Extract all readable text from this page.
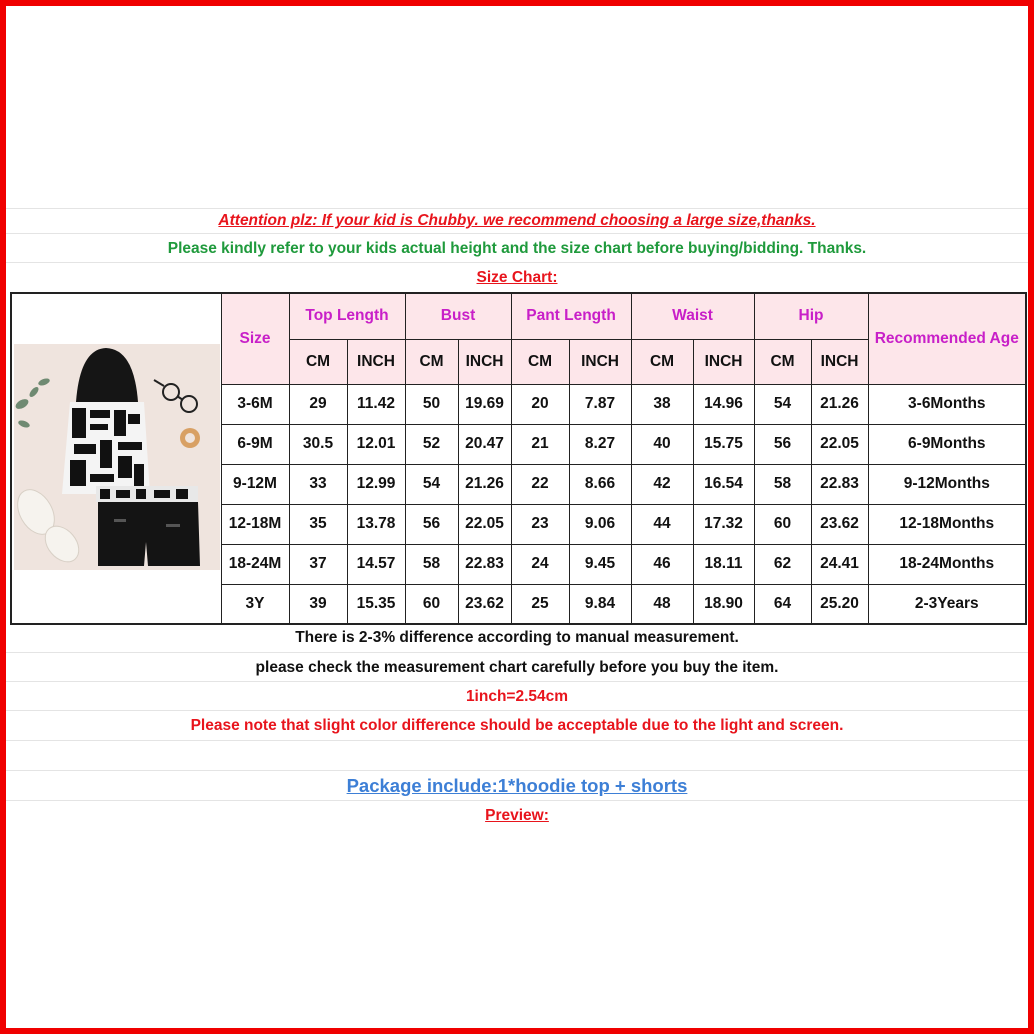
Attention plz: If your kid is Chubby. we recommend choosing a large size,thanks.
Please kindly refer to your kids actual height and the size chart before buying/bidding. Thanks.
Size Chart:
	Size	Top Length		Bust		Pant Length		Waist		Hip		Recommended Age
		CM	INCH	CM	INCH	CM	INCH	CM	INCH	CM	INCH	
	3-6M	29	11.42	50	19.69	20	7.87	38	14.96	54	21.26	3-6Months
	6-9M	30.5	12.01	52	20.47	21	8.27	40	15.75	56	22.05	6-9Months
	9-12M	33	12.99	54	21.26	22	8.66	42	16.54	58	22.83	9-12Months
	12-18M	35	13.78	56	22.05	23	9.06	44	17.32	60	23.62	12-18Months
	18-24M	37	14.57	58	22.83	24	9.45	46	18.11	62	24.41	18-24Months
	3Y	39	15.35	60	23.62	25	9.84	48	18.90	64	25.20	2-3Years
There is 2-3% difference according to manual measurement.
please check the measurement chart carefully before you buy the item.
1inch=2.54cm
Please note that slight color difference should be acceptable due to the light and screen.
Package include:1*hoodie top + shorts
Preview:
